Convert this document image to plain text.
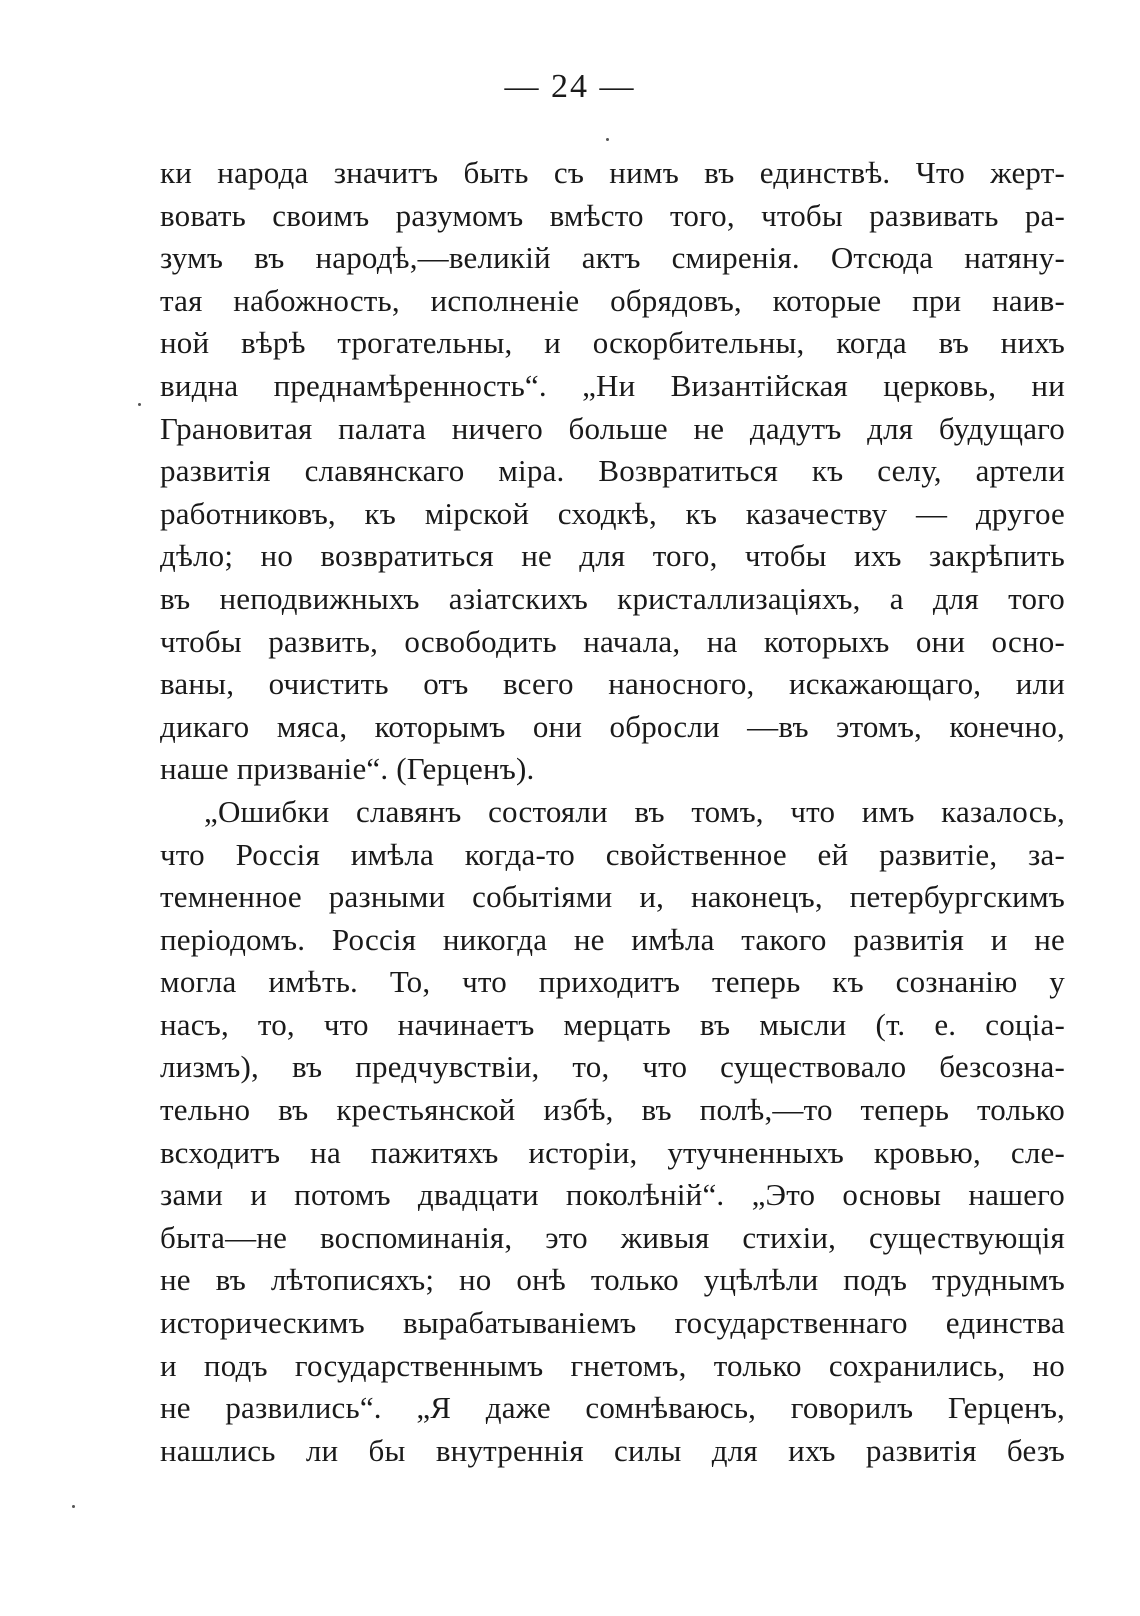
— 24 —
ки народа значитъ быть съ нимъ въ единствѣ. Что жерт-
вовать своимъ разумомъ вмѣсто того, чтобы развивать ра-
зумъ въ народѣ,—великій актъ смиренія. Отсюда натяну-
тая набожность, исполненіе обрядовъ, которые при наив-
ной вѣрѣ трогательны, и оскорбительны, когда въ нихъ
видна преднамѣренность“. „Ни Византійская церковь, ни
Грановитая палата ничего больше не дадутъ для будущаго
развитія славянскаго міра. Возвратиться къ селу, артели
работниковъ, къ мірской сходкѣ, къ казачеству — другое
дѣло; но возвратиться не для того, чтобы ихъ закрѣпить
въ неподвижныхъ азіатскихъ кристаллизаціяхъ, а для того
чтобы развить, освободить начала, на которыхъ они осно-
ваны, очистить отъ всего наносного, искажающаго, или
дикаго мяса, которымъ они обросли —въ этомъ, конечно,
наше призваніе“. (Герценъ).
„Ошибки славянъ состояли въ томъ, что имъ казалось,
что Россія имѣла когда-то свойственное ей развитіе, за-
темненное разными событіями и, наконецъ, петербургскимъ
періодомъ. Россія никогда не имѣла такого развитія и не
могла имѣть. То, что приходитъ теперь къ сознанію у
насъ, то, что начинаетъ мерцать въ мысли (т. е. соціа-
лизмъ), въ предчувствіи, то, что существовало безсозна-
тельно въ крестьянской избѣ, въ полѣ,—то теперь только
всходитъ на пажитяхъ исторіи, утучненныхъ кровью, сле-
зами и потомъ двадцати поколѣній“. „Это основы нашего
быта—не воспоминанія, это живыя стихіи, существующія
не въ лѣтописяхъ; но онѣ только уцѣлѣли подъ труднымъ
историческимъ вырабатываніемъ государственнаго единства
и подъ государственнымъ гнетомъ, только сохранились, но
не развились“. „Я даже сомнѣваюсь, говорилъ Герценъ,
нашлись ли бы внутреннія силы для ихъ развитія безъ
